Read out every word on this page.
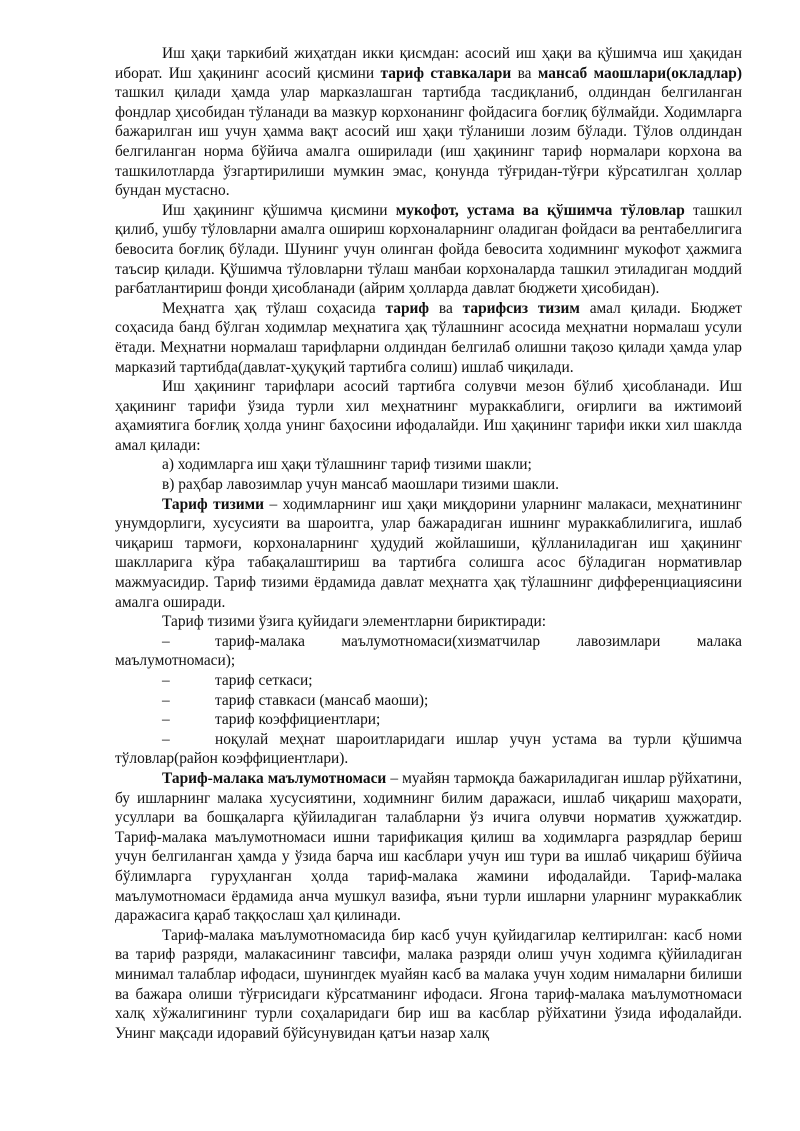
Иш ҳақи таркибий жиҳатдан икки қисмдан: асосий иш ҳақи ва қўшимча иш ҳақидан иборат. Иш ҳақининг асосий қисмини тариф ставкалари ва мансаб маошлари(окладлар) ташкил қилади ҳамда улар марказлашган тартибда тасдиқланиб, олдиндан белгиланган фондлар ҳисобидан тўланади ва мазкур корхонанинг фойдасига боғлиқ бўлмайди. Ходимларга бажарилган иш учун ҳамма вақт асосий иш ҳақи тўланиши лозим бўлади. Тўлов олдиндан белгиланган норма бўйича амалга оширилади (иш ҳақининг тариф нормалари корхона ва ташкилотларда ўзгартирилиши мумкин эмас, қонунда тўғридан-тўғри кўрсатилган ҳоллар бундан мустасно.

Иш ҳақининг қўшимча қисмини мукофот, устама ва қўшимча тўловлар ташкил қилиб, ушбу тўловларни амалга ошириш корхоналарнинг оладиган фойдаси ва рентабеллигига бевосита боғлиқ бўлади. Шунинг учун олинган фойда бевосита ходимнинг мукофот ҳажмига таъсир қилади. Қўшимча тўловларни тўлаш манбаи корхоналарда ташкил этиладиган моддий рағбатлантириш фонди ҳисобланади (айрим ҳолларда давлат бюджети ҳисобидан).

Меҳнатга ҳақ тўлаш соҳасида тариф ва тарифсиз тизим амал қилади. Бюджет соҳасида банд бўлган ходимлар меҳнатига ҳақ тўлашнинг асосида меҳнатни нормалаш усули ётади. Меҳнатни нормалаш тарифларни олдиндан белгилаб олишни тақозо қилади ҳамда улар марказий тартибда(давлат-ҳуқуқий тартибга солиш) ишлаб чиқилади.

Иш ҳақининг тарифлари асосий тартибга солувчи мезон бўлиб ҳисобланади. Иш ҳақининг тарифи ўзида турли хил меҳнатнинг мураккаблиги, оғирлиги ва ижтимоий аҳамиятига боғлиқ ҳолда унинг баҳосини ифодалайди. Иш ҳақининг тарифи икки хил шаклда амал қилади:

а) ходимларга иш ҳақи тўлашнинг тариф тизими шакли;

в) раҳбар лавозимлар учун мансаб маошлари тизими шакли.

Тариф тизими – ходимларнинг иш ҳақи миқдорини уларнинг малакаси, меҳнатининг унумдорлиги, хусусияти ва шароитга, улар бажарадиган ишнинг мураккаблилигига, ишлаб чиқариш тармоғи, корхоналарнинг ҳудудий жойлашиши, қўлланиладиган иш ҳақининг шаклларига кўра табақалаштириш ва тартибга солишга асос бўладиган нормативлар мажмуасидир. Тариф тизими ёрдамида давлат меҳнатга ҳақ тўлашнинг дифференциациясини амалга оширади.

Тариф тизими ўзига қуйидаги элементларни бириктиради:

–	тариф-малака маълумотномаси(хизматчилар лавозимлари малака маълумотномаси);

–	тариф сеткаси;

–	тариф ставкаси (мансаб маоши);

–	тариф коэффициентлари;

–	ноқулай меҳнат шароитларидаги ишлар учун устама ва турли қўшимча тўловлар(район коэффициентлари).

Тариф-малака маълумотномаси – муайян тармоқда бажариладиган ишлар рўйхатини, бу ишларнинг малака хусусиятини, ходимнинг билим даражаси, ишлаб чиқариш маҳорати, усуллари ва бошқаларга қўйиладиган талабларни ўз ичига олувчи норматив ҳужжатдир. Тариф-малака маълумотномаси ишни тарификация қилиш ва ходимларга разрядлар бериш учун белгиланган ҳамда у ўзида барча иш касблари учун иш тури ва ишлаб чиқариш бўйича бўлимларга гуруҳланган ҳолда тариф-малака жамини ифодалайди. Тариф-малака маълумотномаси ёрдамида анча мушкул вазифа, яъни турли ишларни уларнинг мураккаблик даражасига қараб таққослаш ҳал қилинади.

Тариф-малака маълумотномасида бир касб учун қуйидагилар келтирилган: касб номи ва тариф разряди, малакасининг тавсифи, малака разряди олиш учун ходимга қўйиладиган минимал талаблар ифодаси, шунингдек муайян касб ва малака учун ходим нималарни билиши ва бажара олиши тўғрисидаги кўрсатманинг ифодаси. Ягона тариф-малака маълумотномаси халқ хўжалигининг турли соҳаларидаги бир иш ва касблар рўйхатини ўзида ифодалайди. Унинг мақсади идоравий бўйсунувидан қатъи назар халқ
